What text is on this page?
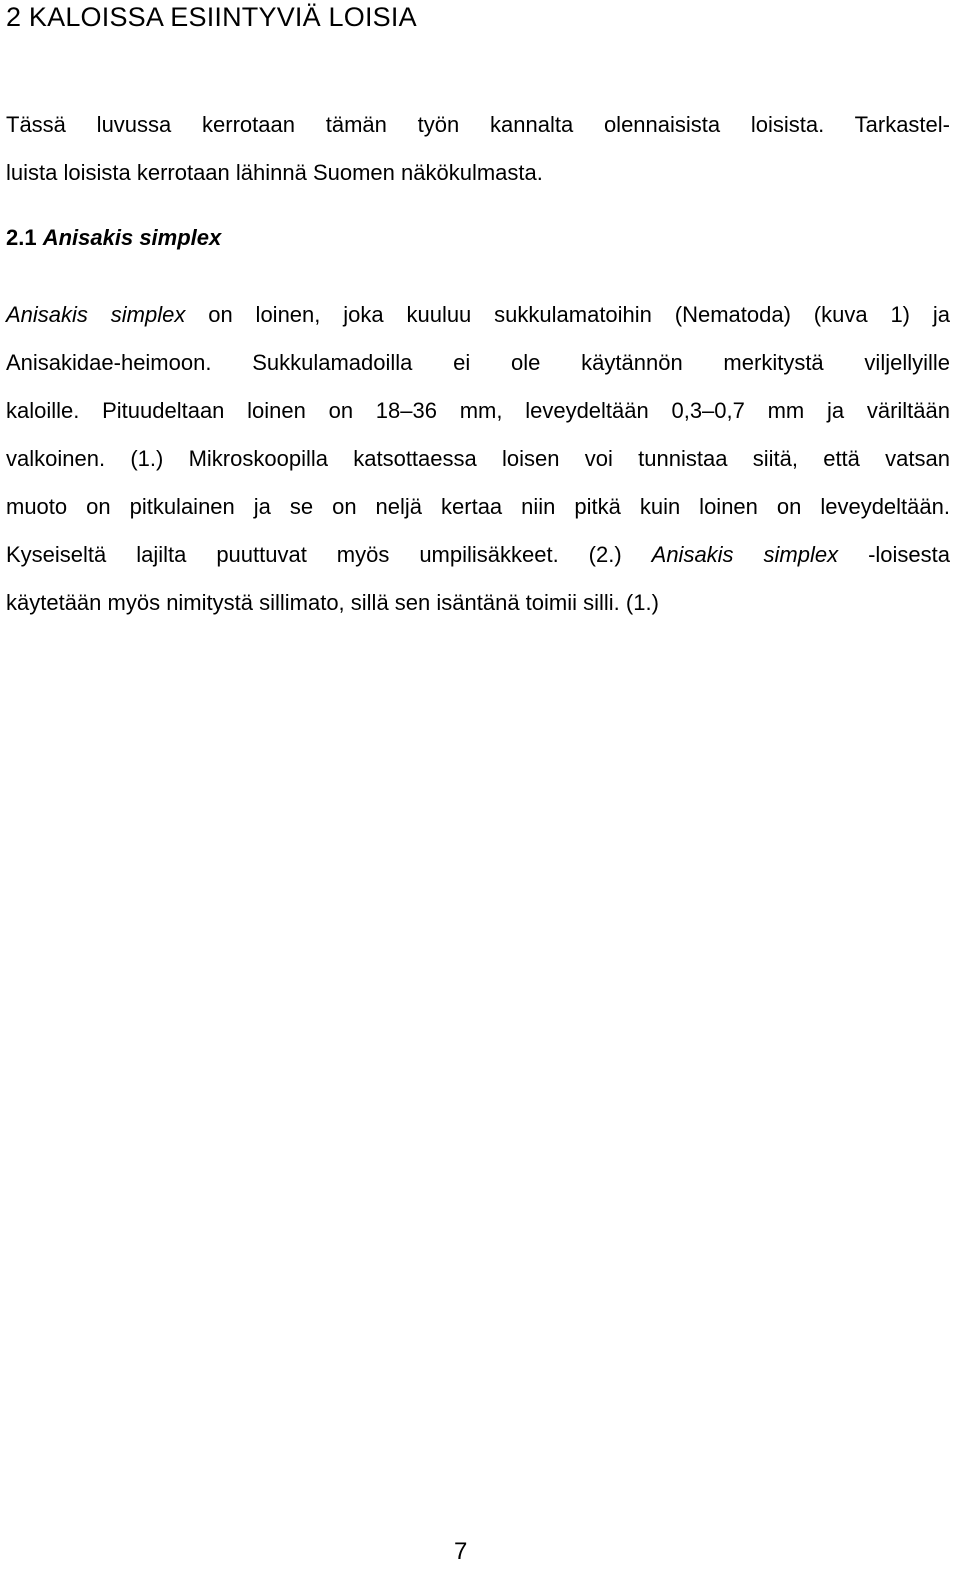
2 KALOISSA ESIINTYVIÄ LOISIA
Tässä luvussa kerrotaan tämän työn kannalta olennaisista loisista. Tarkastel-
luista loisista kerrotaan lähinnä Suomen näkökulmasta.
2.1 Anisakis simplex
Anisakis simplex on loinen, joka kuuluu sukkulamatoihin (Nematoda) (kuva 1) ja
Anisakidae-heimoon. Sukkulamadoilla ei ole käytännön merkitystä viljellyille
kaloille. Pituudeltaan loinen on 18–36 mm, leveydeltään 0,3–0,7 mm ja väriltään
valkoinen. (1.) Mikroskoopilla katsottaessa loisen voi tunnistaa siitä, että vatsan
muoto on pitkulainen ja se on neljä kertaa niin pitkä kuin loinen on leveydeltään.
Kyseiseltä lajilta puuttuvat myös umpilisäkkeet. (2.) Anisakis simplex -loisesta
käytetään myös nimitystä sillimato, sillä sen isäntänä toimii silli. (1.)
7
